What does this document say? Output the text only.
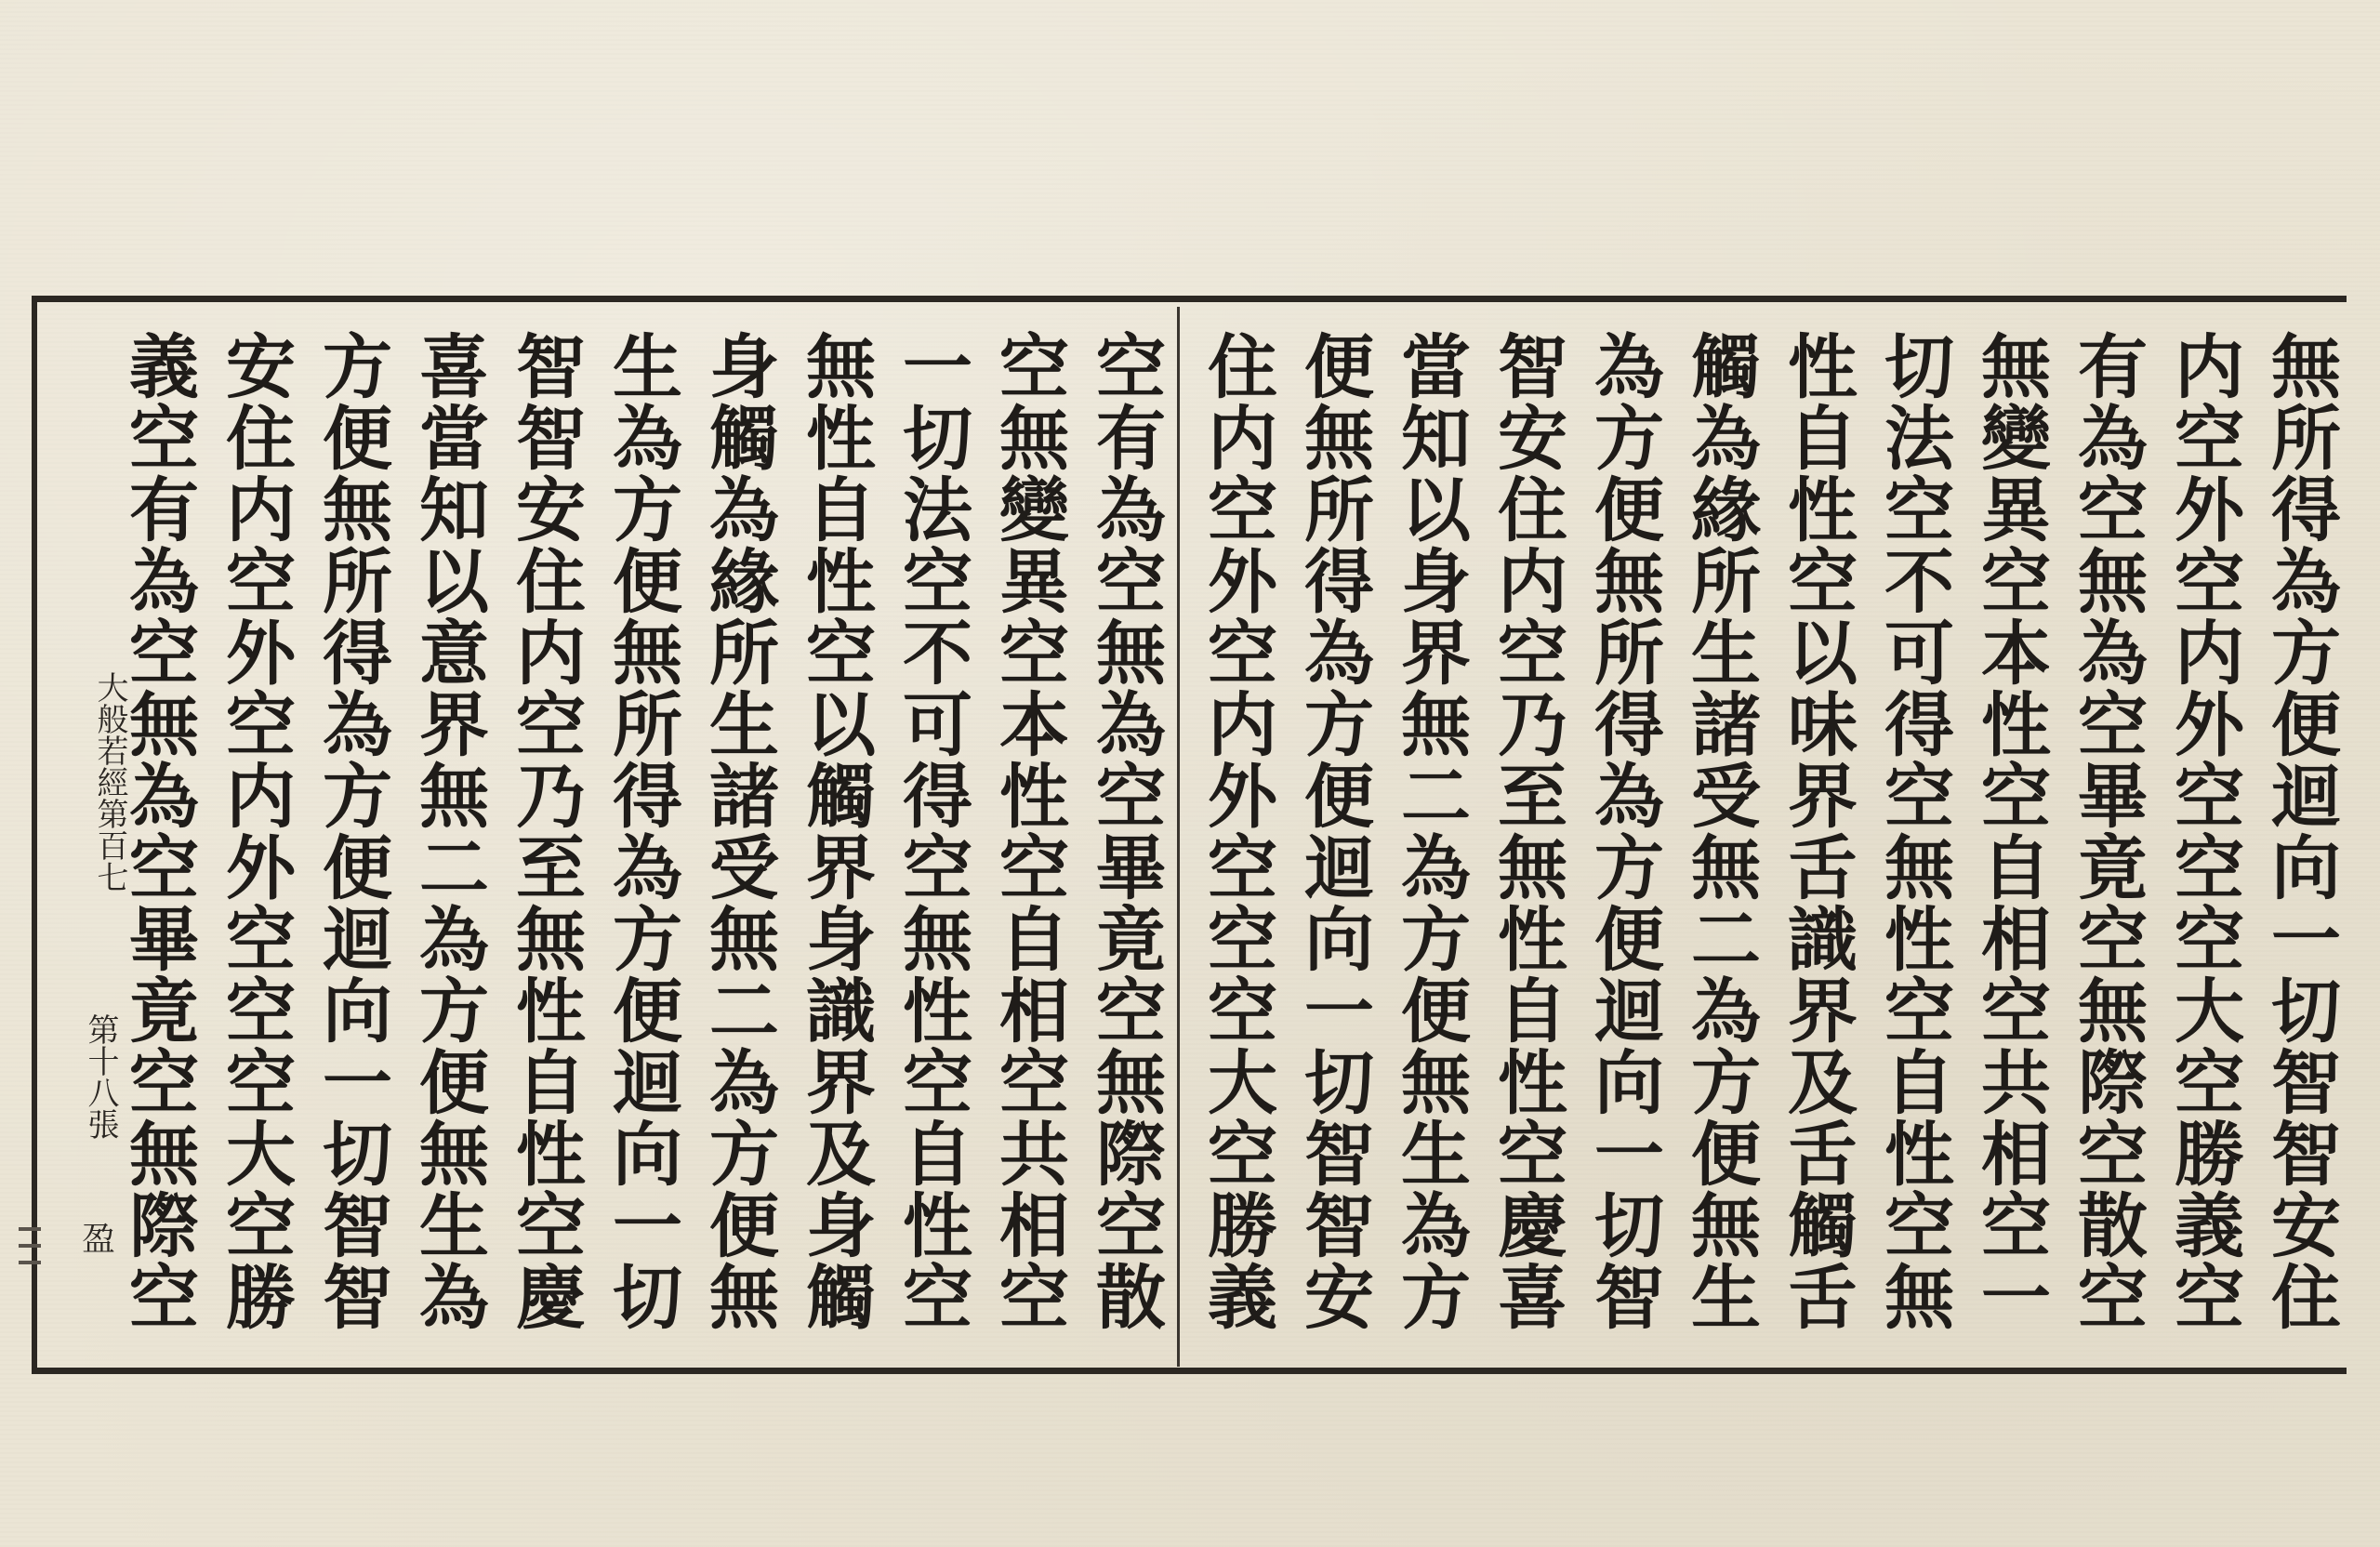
無所得為方便迴向一切智智安住
内空外空内外空空空大空勝義空
有為空無為空畢竟空無際空散空
無變異空本性空自相空共相空一
切法空不可得空無性空自性空無
性自性空以味界舌識界及舌觸舌
觸為緣所生諸受無二為方便無生
為方便無所得為方便迴向一切智
智安住内空乃至無性自性空慶喜
當知以身界無二為方便無生為方
便無所得為方便迴向一切智智安
住内空外空内外空空空大空勝義
空有為空無為空畢竟空無際空散
空無變異空本性空自相空共相空
一切法空不可得空無性空自性空
無性自性空以觸界身識界及身觸
身觸為緣所生諸受無二為方便無
生為方便無所得為方便迴向一切
智智安住内空乃至無性自性空慶
喜當知以意界無二為方便無生為
方便無所得為方便迴向一切智智
安住内空外空内外空空空大空勝
義空有為空無為空畢竟空無際空
大般若經第百七
第十八張
盈
